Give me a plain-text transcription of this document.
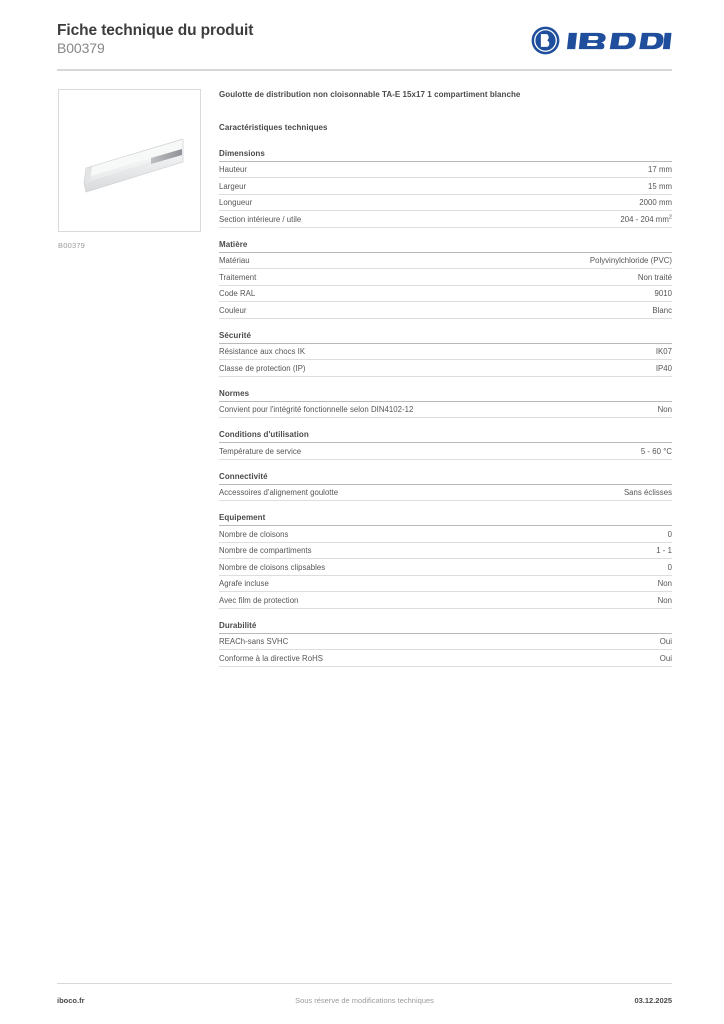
Fiche technique du produit
B00379
B00379
Goulotte de distribution non cloisonnable TA-E 15x17 1 compartiment blanche
Caractéristiques techniques
Dimensions
Hauteur	17 mm
Largeur	15 mm
Longueur	2000 mm
Section intérieure / utile	204 - 204 $mm^2$
Matière
Matériau	Polyvinylchloride (PVC)
Traitement	Non traité
Code RAL	9010
Couleur	Blanc
Sécurité
Résistance aux chocs IK	IK07
Classe de protection (IP)	IP40
Normes
Convient pour l'intégrité fonctionnelle selon DIN4102-12	Non
Conditions d'utilisation
Température de service	5 - 60 °C
Connectivité
Accessoires d'alignement goulotte	Sans éclisses
Equipement
Nombre de cloisons	0
Nombre de compartiments	1 - 1
Nombre de cloisons clipsables	0
Agrafe incluse	Non
Avec film de protection	Non
Durabilité
REACh-sans SVHC	Oui
Conforme à la directive RoHS	Oui
iboco.fr	Sous réserve de modifications techniques	03.12.2025
